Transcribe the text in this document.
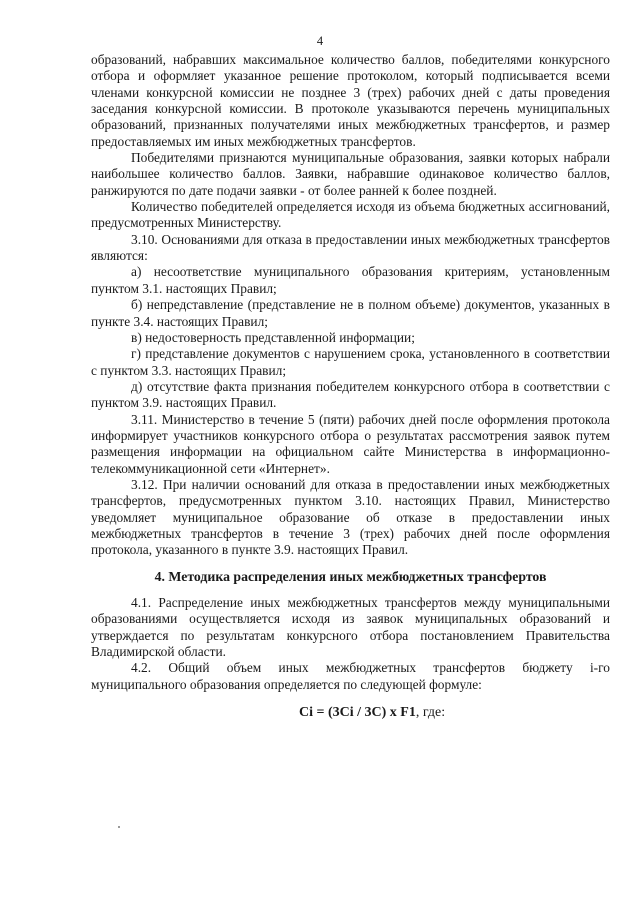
4

образований, набравших максимальное количество баллов, победителями конкурсного отбора и оформляет указанное решение протоколом, который подписывается всеми членами конкурсной комиссии не позднее 3 (трех) рабочих дней с даты проведения заседания конкурсной комиссии. В протоколе указываются перечень муниципальных образований, признанных получателями иных межбюджетных трансфертов, и размер предоставляемых им иных межбюджетных трансфертов.

Победителями признаются муниципальные образования, заявки которых набрали наибольшее количество баллов. Заявки, набравшие одинаковое количество баллов, ранжируются по дате подачи заявки - от более ранней к более поздней.

Количество победителей определяется исходя из объема бюджетных ассигнований, предусмотренных Министерству.

3.10. Основаниями для отказа в предоставлении иных межбюджетных трансфертов являются:

а) несоответствие муниципального образования критериям, установленным пунктом 3.1. настоящих Правил;

б) непредставление (представление не в полном объеме) документов, указанных в пункте 3.4. настоящих Правил;

в) недостоверность представленной информации;

г) представление документов с нарушением срока, установленного в соответствии с пунктом 3.3. настоящих Правил;

д) отсутствие факта признания победителем конкурсного отбора в соответствии с пунктом 3.9. настоящих Правил.

3.11. Министерство в течение 5 (пяти) рабочих дней после оформления протокола информирует участников конкурсного отбора о результатах рассмотрения заявок путем размещения информации на официальном сайте Министерства в информационно-телекоммуникационной сети «Интернет».

3.12. При наличии оснований для отказа в предоставлении иных межбюджетных трансфертов, предусмотренных пунктом 3.10. настоящих Правил, Министерство уведомляет муниципальное образование об отказе в предоставлении иных межбюджетных трансфертов в течение 3 (трех) рабочих дней после оформления протокола, указанного в пункте 3.9. настоящих Правил.

4. Методика распределения иных межбюджетных трансфертов

4.1. Распределение иных межбюджетных трансфертов между муниципальными образованиями осуществляется исходя из заявок муниципальных образований и утверждается по результатам конкурсного отбора постановлением Правительства Владимирской области.

4.2. Общий объем иных межбюджетных трансфертов бюджету i-го муниципального образования определяется по следующей формуле:

Ci = (3Ci / 3C) x F1, где:
